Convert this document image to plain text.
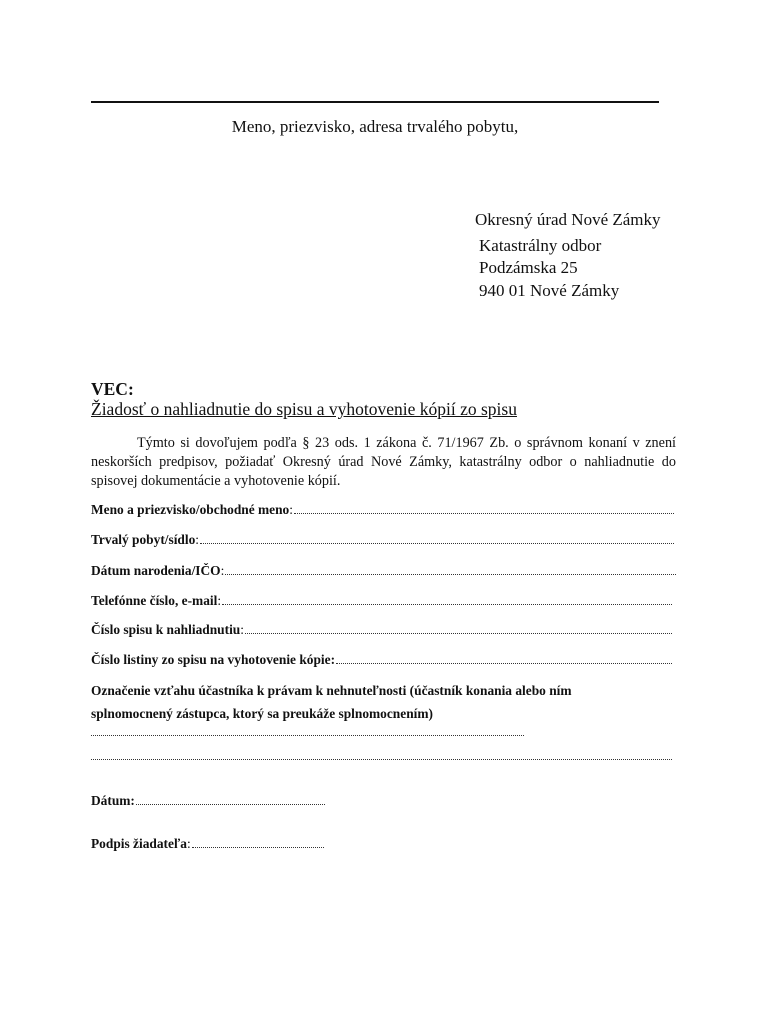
Meno, priezvisko, adresa trvalého pobytu,
Okresný úrad Nové Zámky
Katastrálny odbor
Podzámska 25
940 01 Nové Zámky
VEC:
Žiadosť o nahliadnutie do spisu a vyhotovenie kópií zo spisu

Týmto si dovoľujem podľa § 23 ods. 1 zákona č. 71/1967 Zb. o správnom konaní v znení neskorších predpisov, požiadať Okresný úrad Nové Zámky, katastrálny odbor o nahliadnutie do spisovej dokumentácie a vyhotovenie kópií.

Meno a priezvisko/obchodné meno :
Trvalý pobyt/sídlo :
Dátum narodenia/IČO :
Telefónne číslo, e-mail :
Číslo spisu k nahliadnutiu :
Číslo listiny zo spisu na vyhotovenie kópie:
Označenie vzťahu účastníka k právam k nehnuteľnosti (účastník konania alebo ním splnomocnený zástupca, ktorý sa preukáže splnomocnením)
Dátum:
Podpis žiadateľa :
